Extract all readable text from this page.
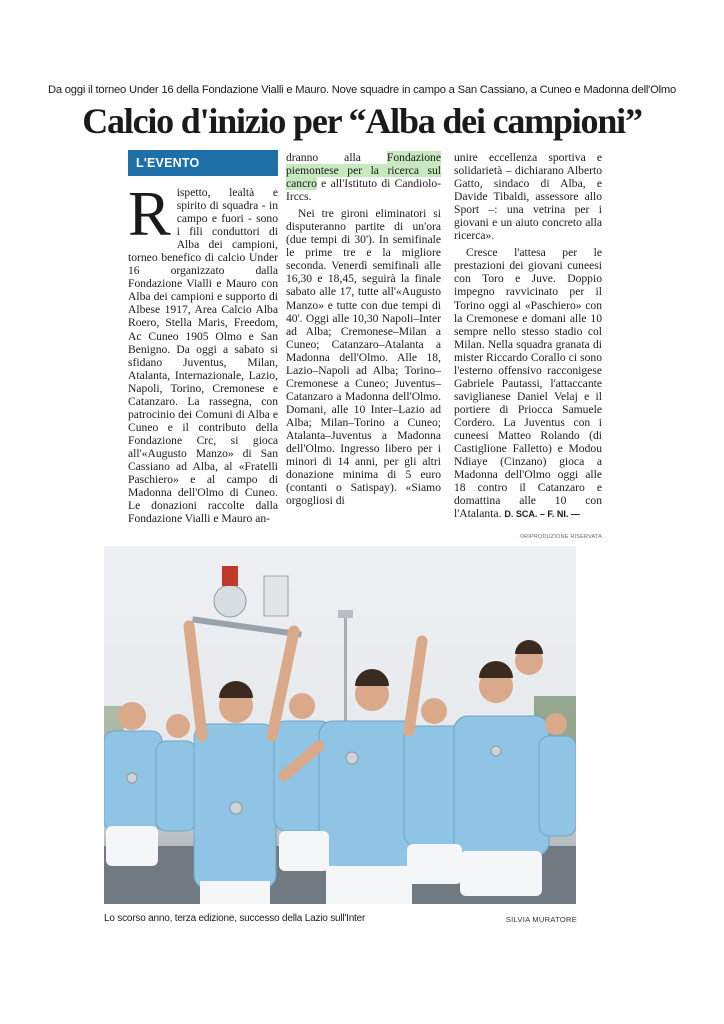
Da oggi il torneo Under 16 della Fondazione Vialli e Mauro. Nove squadre in campo a San Cassiano, a Cuneo e Madonna dell'Olmo
Calcio d'inizio per “Alba dei campioni”
L'EVENTO

Rispetto, lealtà e spirito di squadra - in campo e fuori - sono i fili conduttori di Alba dei campioni, torneo benefico di calcio Under 16 organizzato dalla Fondazione Vialli e Mauro con Alba dei campioni e supporto di Albese 1917, Area Calcio Alba Roero, Stella Maris, Freedom, Ac Cuneo 1905 Olmo e San Benigno. Da oggi a sabato si sfidano Juventus, Milan, Atalanta, Internazionale, Lazio, Napoli, Torino, Cremonese e Catanzaro. La rassegna, con patrocinio dei Comuni di Alba e Cuneo e il contributo della Fondazione Crc, si gioca all'«Augusto Manzo» di San Cassiano ad Alba, al «Fratelli Paschiero» e al campo di Madonna dell'Olmo di Cuneo. Le donazioni raccolte dalla Fondazione Vialli e Mauro an-

dranno alla Fondazione piemontese per la ricerca sul cancro e all'Istituto di Candiolo-Irccs.

Nei tre gironi eliminatori si disputeranno partite di un'ora (due tempi di 30'). In semifinale le prime tre e la migliore seconda. Venerdì semifinali alle 16,30 e 18,45, seguirà la finale sabato alle 17, tutte all'«Augusto Manzo» e tutte con due tempi di 40'. Oggi alle 10,30 Napoli–Inter ad Alba; Cremonese–Milan a Cuneo; Catanzaro–Atalanta a Madonna dell'Olmo. Alle 18, Lazio–Napoli ad Alba; Torino–Cremonese a Cuneo; Juventus–Catanzaro a Madonna dell'Olmo. Domani, alle 10 Inter–Lazio ad Alba; Milan–Torino a Cuneo; Atalanta–Juventus a Madonna dell'Olmo. Ingresso libero per i minori di 14 anni, per gli altri donazione minima di 5 euro (contanti o Satispay). «Siamo orgogliosi di

unire eccellenza sportiva e solidarietà – dichiarano Alberto Gatto, sindaco di Alba, e Davide Tibaldi, assessore allo Sport –: una vetrina per i giovani e un aiuto concreto alla ricerca».

Cresce l'attesa per le prestazioni dei giovani cuneesi con Toro e Juve. Doppio impegno ravvicinato per il Torino oggi al «Paschiero» con la Cremonese e domani alle 10 sempre nello stesso stadio col Milan. Nella squadra granata di mister Riccardo Corallo ci sono l'esterno offensivo racconigese Gabriele Pautassi, l'attaccante saviglianese Daniel Velaj e il portiere di Priocca Samuele Cordero. La Juventus con i cuneesi Matteo Rolando (di Castiglione Falletto) e Modou Ndiaye (Cinzano) gioca a Madonna dell'Olmo oggi alle 18 contro il Catanzaro e domattina alle 10 con l'Atalanta. D. SCA. – F. NI. —

©RIPRODUZIONE RISERVATA
Lo scorso anno, terza edizione, successo della Lazio sull'Inter	SILVIA MURATORE
